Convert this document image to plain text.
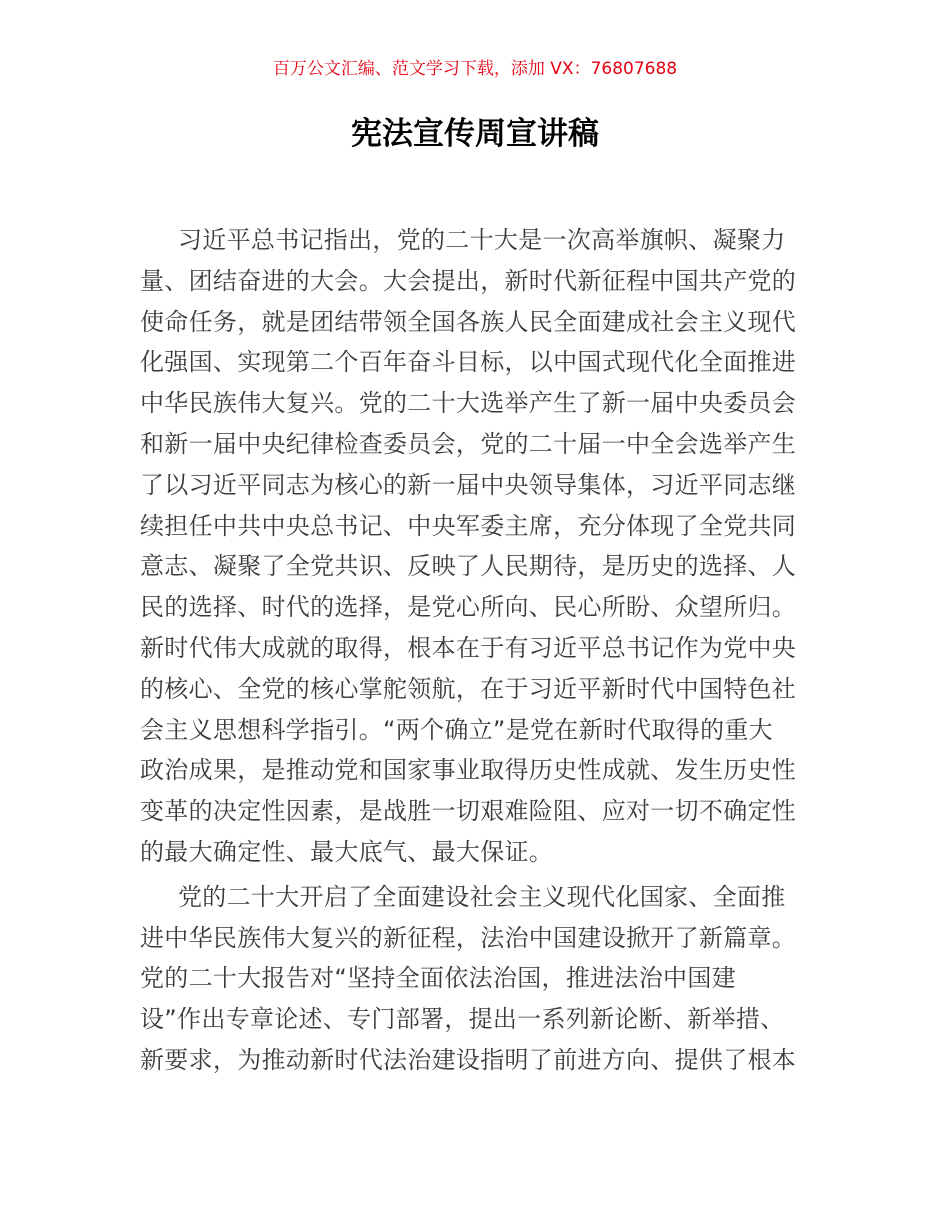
百万公文汇编、范文学习下载，添加 VX：76807688
宪法宣传周宣讲稿

习近平总书记指出，党的二十大是一次高举旗帜、凝聚力
量、团结奋进的大会。大会提出，新时代新征程中国共产党的
使命任务，就是团结带领全国各族人民全面建成社会主义现代
化强国、实现第二个百年奋斗目标，以中国式现代化全面推进
中华民族伟大复兴。党的二十大选举产生了新一届中央委员会
和新一届中央纪律检查委员会，党的二十届一中全会选举产生
了以习近平同志为核心的新一届中央领导集体，习近平同志继
续担任中共中央总书记、中央军委主席，充分体现了全党共同
意志、凝聚了全党共识、反映了人民期待，是历史的选择、人
民的选择、时代的选择，是党心所向、民心所盼、众望所归。
新时代伟大成就的取得，根本在于有习近平总书记作为党中央
的核心、全党的核心掌舵领航，在于习近平新时代中国特色社
会主义思想科学指引。“两个确立”是党在新时代取得的重大
政治成果，是推动党和国家事业取得历史性成就、发生历史性
变革的决定性因素，是战胜一切艰难险阻、应对一切不确定性
的最大确定性、最大底气、最大保证。

党的二十大开启了全面建设社会主义现代化国家、全面推
进中华民族伟大复兴的新征程，法治中国建设掀开了新篇章。
党的二十大报告对“坚持全面依法治国，推进法治中国建
设”作出专章论述、专门部署，提出一系列新论断、新举措、
新要求，为推动新时代法治建设指明了前进方向、提供了根本
